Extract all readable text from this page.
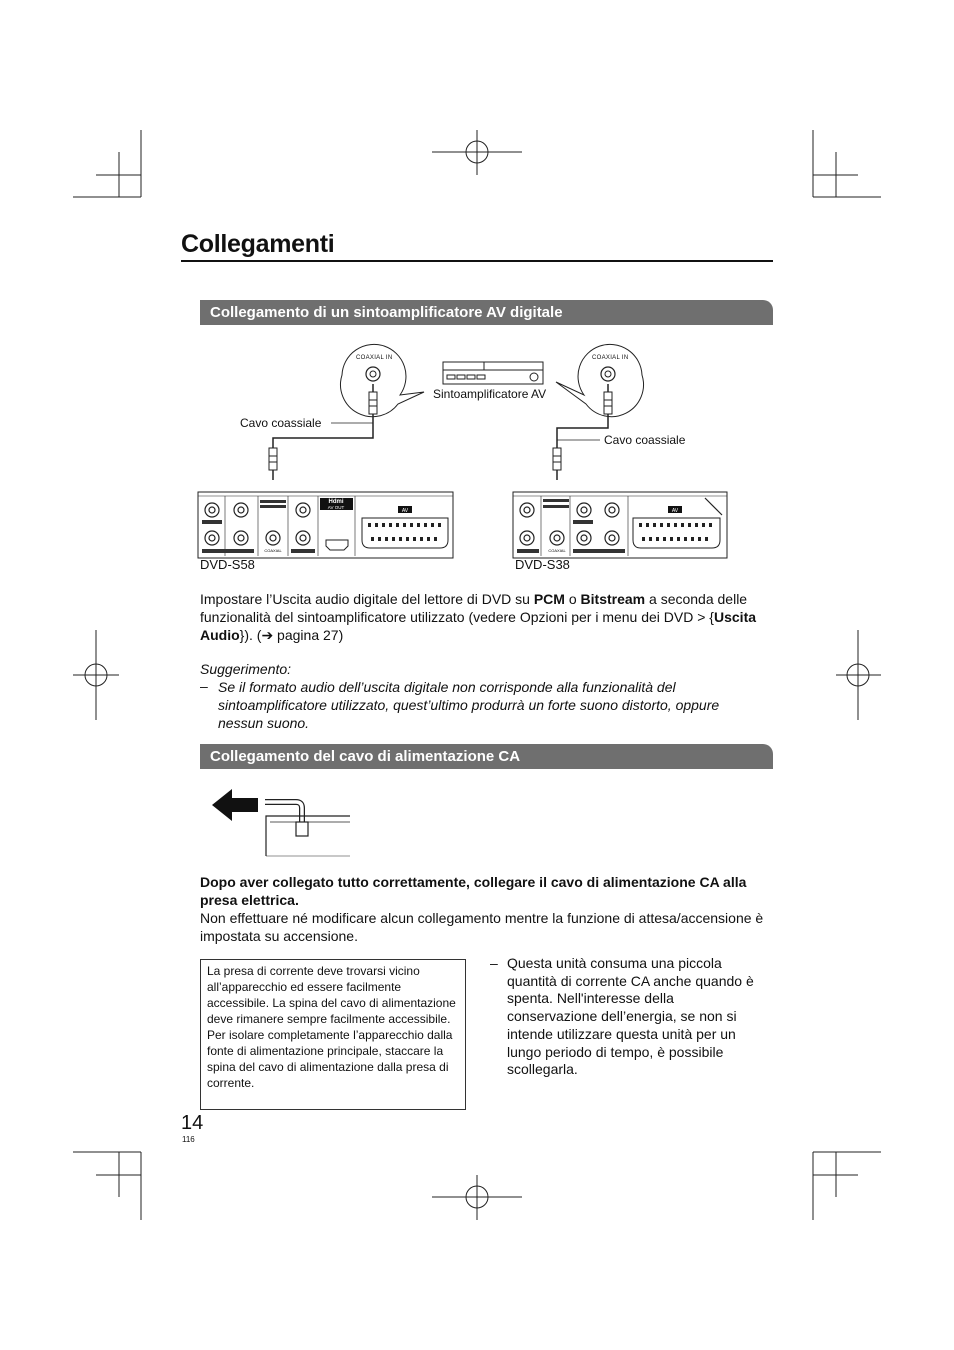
Collegamenti
Collegamento di un sintoamplificatore AV digitale
Hdmi
AV OUT
AV
COAXIAL	COAXIAL
AV
COAXIAL IN	COAXIAL IN
Sintoamplificatore AV
Cavo coassiale
Cavo coassiale
DVD-S58	DVD-S38
Impostare l’Uscita audio digitale del lettore di DVD su PCM o Bitstream a seconda delle funzionalità del sintoamplificatore utilizzato (vedere Opzioni per i menu dei DVD > {Uscita Audio}). (➔ pagina 27)
Suggerimento:
– Se il formato audio dell’uscita digitale non corrisponde alla funzionalità del sintoamplificatore utilizzato, quest’ultimo produrrà un forte suono distorto, oppure nessun suono.
Collegamento del cavo di alimentazione CA
Dopo aver collegato tutto correttamente, collegare il cavo di alimentazione CA alla presa elettrica.
Non effettuare né modificare alcun collegamento mentre la funzione di attesa/accensione è impostata su accensione.
La presa di corrente deve trovarsi vicino all’apparecchio ed essere facilmente accessibile. La spina del cavo di alimentazione deve rimanere sempre facilmente accessibile. Per isolare completamente l’apparecchio dalla fonte di alimentazione principale, staccare la spina del cavo di alimentazione dalla presa di corrente.
– Questa unità consuma una piccola quantità di corrente CA anche quando è spenta. Nell'interesse della conservazione dell’energia, se non si intende utilizzare questa unità per un lungo periodo di tempo, è possibile scollegarla.
14
116
